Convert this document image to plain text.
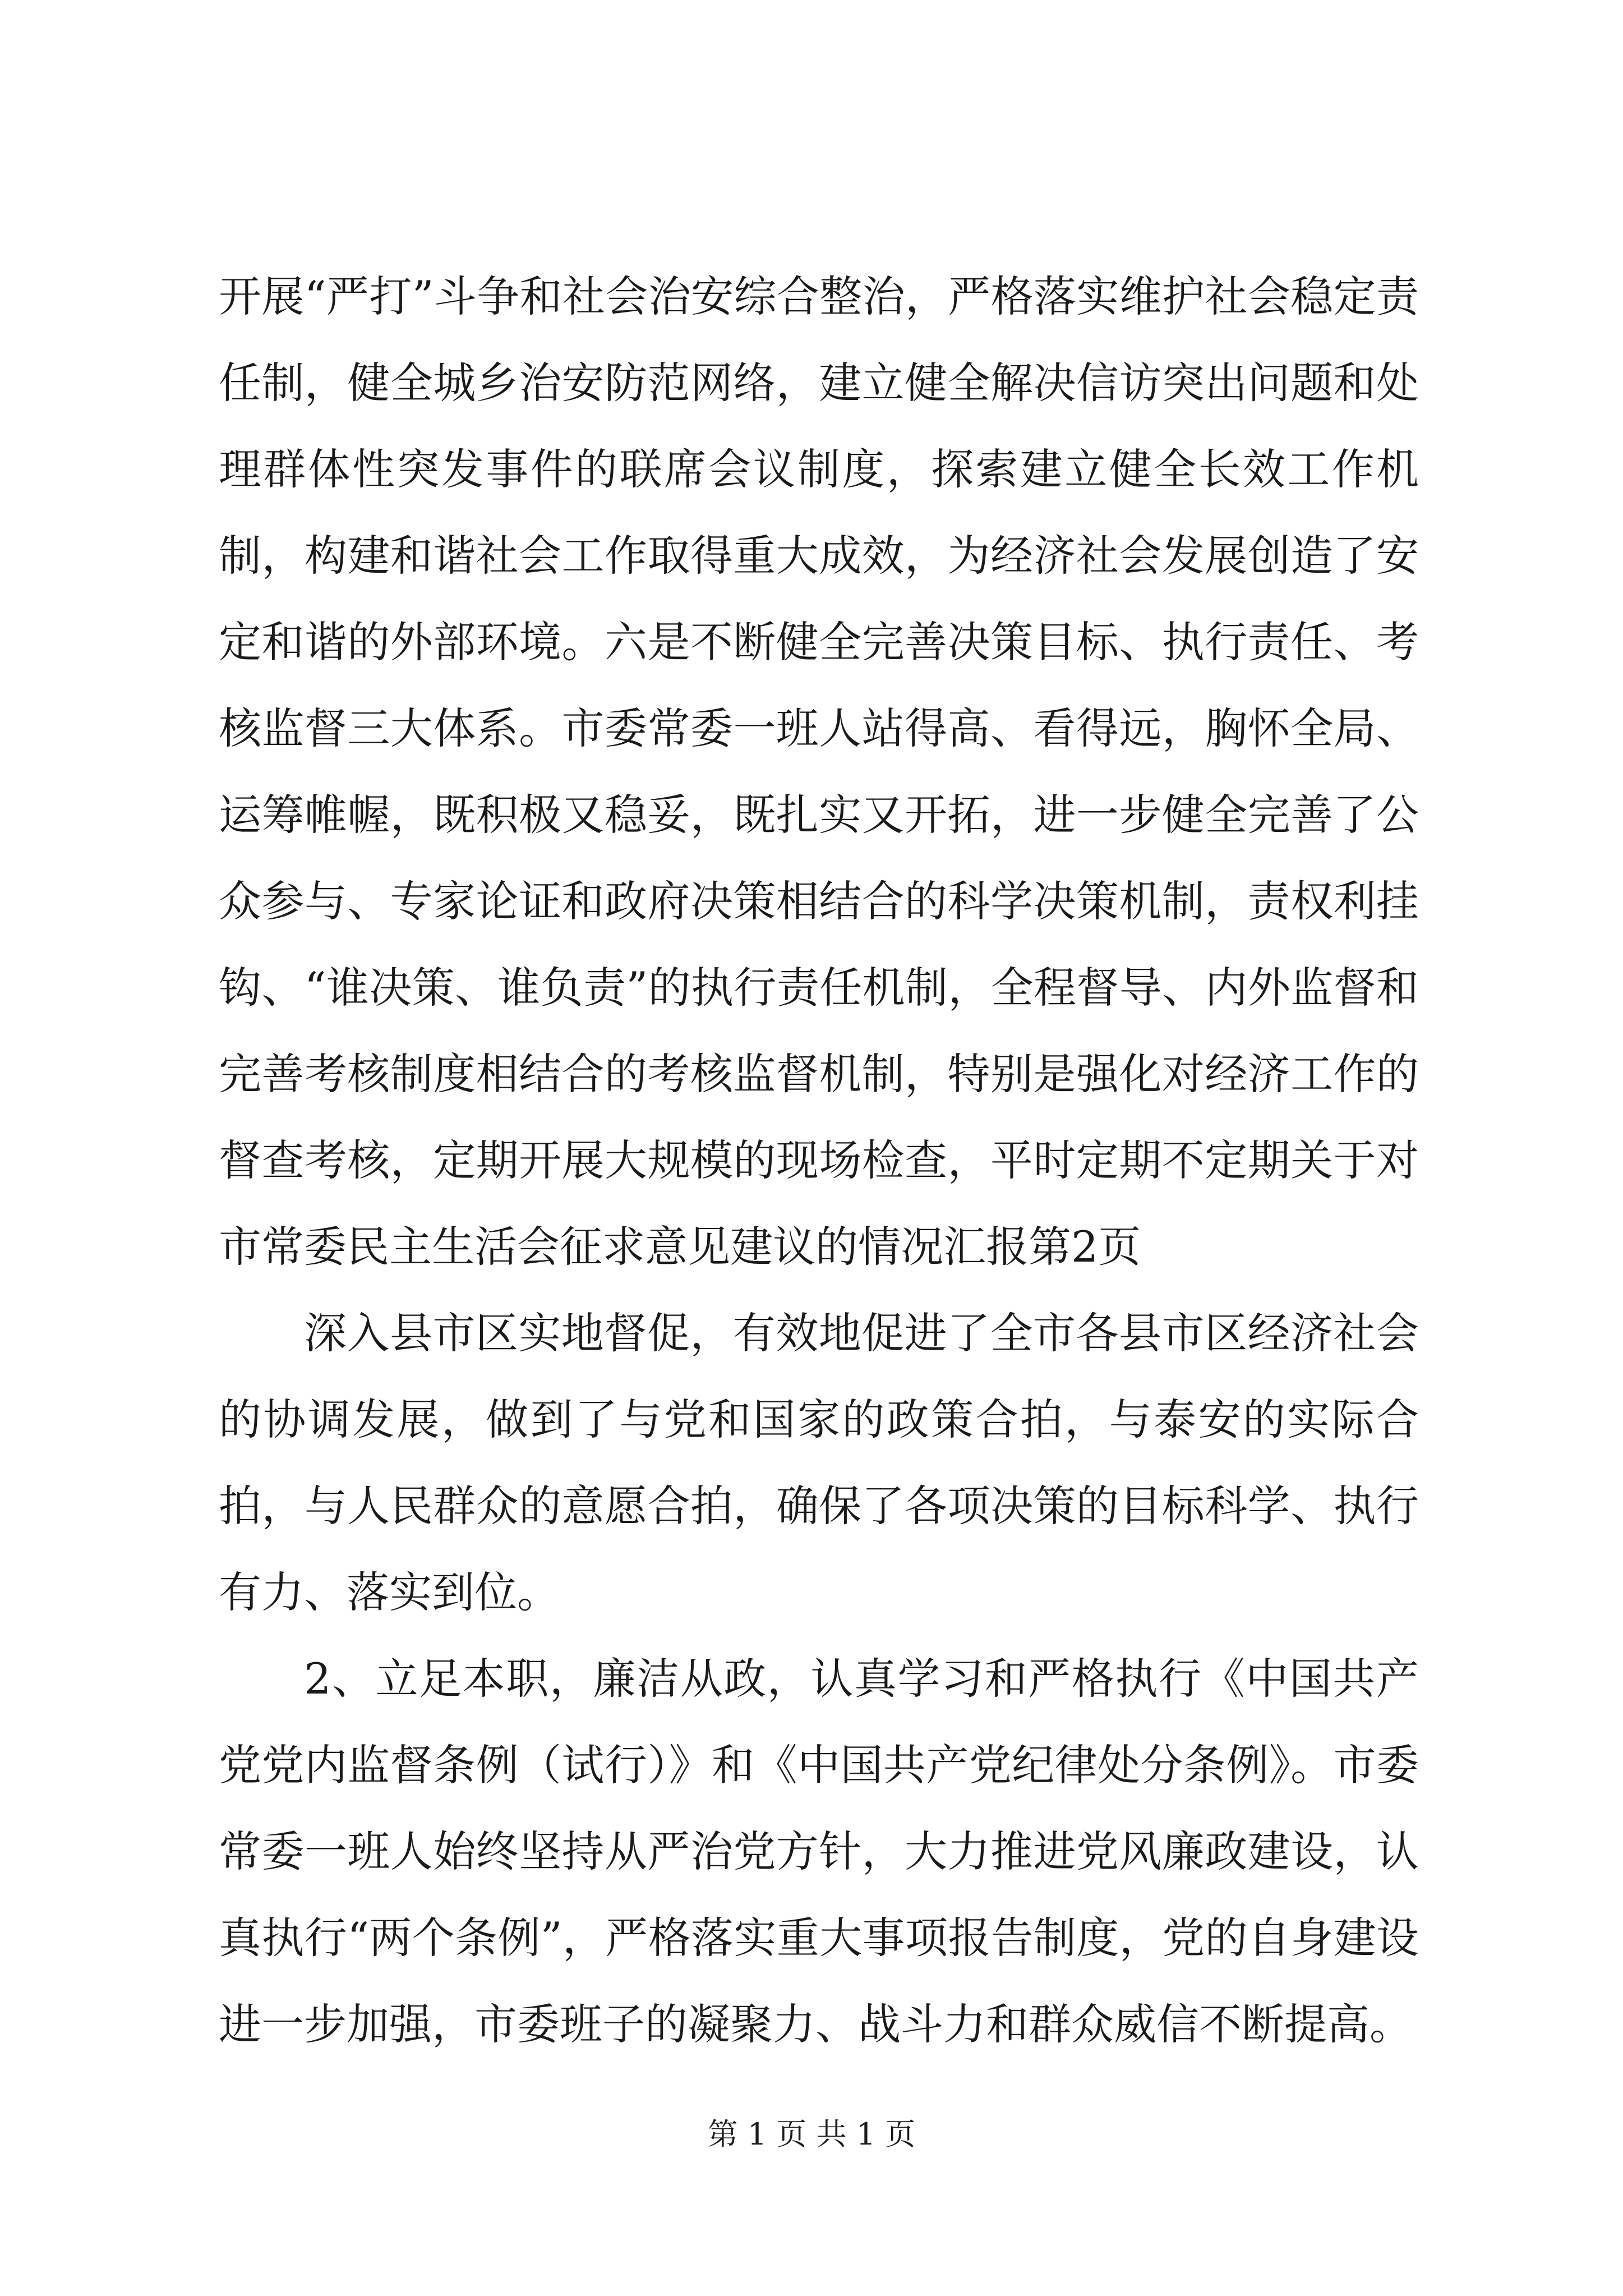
开展“严打”斗争和社会治安综合整治，严格落实维护社会稳定责任制，健全城乡治安防范网络，建立健全解决信访突出问题和处理群体性突发事件的联席会议制度，探索建立健全长效工作机制，构建和谐社会工作取得重大成效，为经济社会发展创造了安定和谐的外部环境。六是不断健全完善决策目标、执行责任、考核监督三大体系。市委常委一班人站得高、看得远，胸怀全局、运筹帷幄，既积极又稳妥，既扎实又开拓，进一步健全完善了公众参与、专家论证和政府决策相结合的科学决策机制，责权利挂钩、“谁决策、谁负责”的执行责任机制，全程督导、内外监督和完善考核制度相结合的考核监督机制，特别是强化对经济工作的督查考核，定期开展大规模的现场检查，平时定期不定期关于对市常委民主生活会征求意见建议的情况汇报第2页

深入县市区实地督促，有效地促进了全市各县市区经济社会的协调发展，做到了与党和国家的政策合拍，与泰安的实际合拍，与人民群众的意愿合拍，确保了各项决策的目标科学、执行有力、落实到位。

2、立足本职，廉洁从政，认真学习和严格执行《中国共产党党内监督条例（试行）》和《中国共产党纪律处分条例》。市委常委一班人始终坚持从严治党方针，大力推进党风廉政建设，认真执行“两个条例”，严格落实重大事项报告制度，党的自身建设进一步加强，市委班子的凝聚力、战斗力和群众威信不断提高。

第 1 页 共 1 页
